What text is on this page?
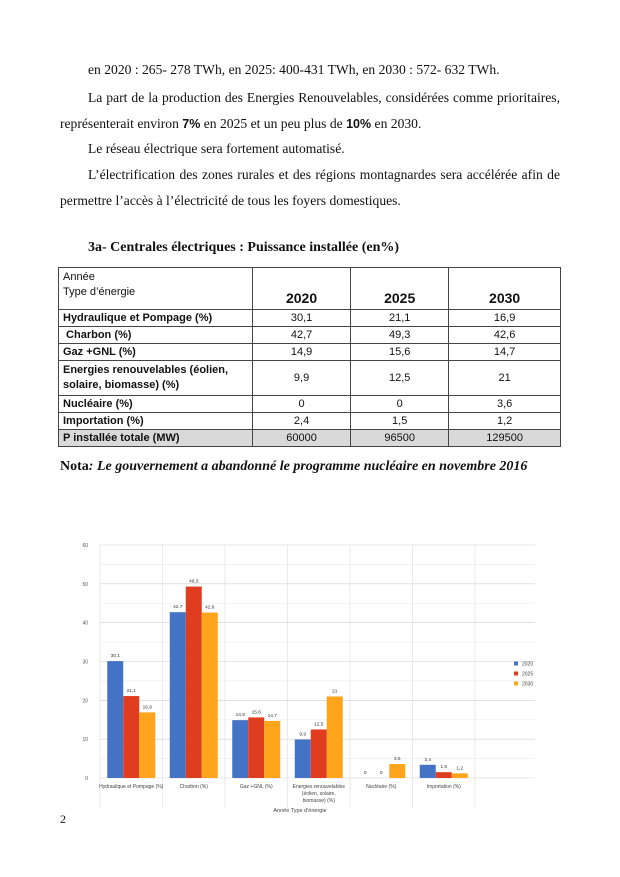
en 2020 : 265- 278 TWh, en 2025: 400-431 TWh, en 2030 : 572- 632 TWh.

La part de la production des Energies Renouvelables, considérées comme prioritaires, représenterait environ 7% en 2025 et un peu plus de 10% en 2030.

Le réseau électrique sera fortement automatisé.

L’électrification des zones rurales et des régions montagnardes sera accélérée afin de permettre l’accès à l’électricité de tous les foyers domestiques.

3a- Centrales électriques : Puissance installée (en%)
Année
Type d’énergie	2020	2025	2030
Hydraulique et Pompage (%)	30,1	21,1	16,9
Charbon (%)	42,7	49,3	42,6
Gaz +GNL (%)	14,9	15,6	14,7
Energies renouvelables (éolien, solaire, biomasse) (%)	9,9	12,5	21
Nucléaire (%)	0	0	3,6
Importation (%)	2,4	1,5	1,2
P installée totale (MW)	60000	96500	129500

Nota: Le gouvernement a abandonné le programme nucléaire en novembre 2016

0
10
20
30
40
50
60
30,1
21,1
16,9
42,7
49,3
42,6
14,9
15,6
14,7
9,9
12,5
21
0	0
3,6	3,4
1,5 1,2
Hydraulique et Pompage (%)	Charbon (%)	Gaz +GNL (%)	Energies renouvelables
(éolien, solaire,
biomasse) (%)
Nucléaire (%)	Importation (%)
2020
2025
2030
Année Type d'énergie
2
